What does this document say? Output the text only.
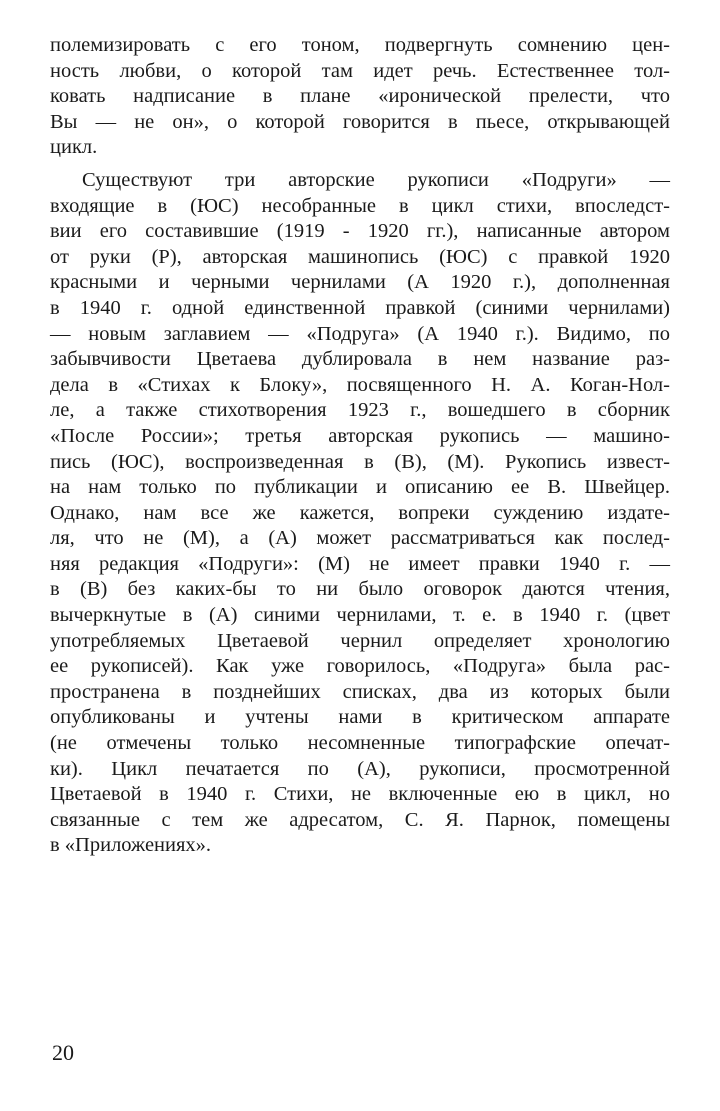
полемизировать с его тоном, подвергнуть сомнению цен-
ность любви, о которой там идет речь. Естественнее тол-
ковать надписание в плане «иронической прелести, что
Вы — не он», о которой говорится в пьесе, открывающей
цикл.
Существуют три авторские рукописи «Подруги» —
входящие в (ЮС) несобранные в цикл стихи, впоследст-
вии его составившие (1919 - 1920 гг.), написанные автором
от руки (Р), авторская машинопись (ЮС) с правкой 1920
красными и черными чернилами (А 1920 г.), дополненная
в 1940 г. одной единственной правкой (синими чернилами)
— новым заглавием — «Подруга» (А 1940 г.). Видимо, по
забывчивости Цветаева дублировала в нем название раз-
дела в «Стихах к Блоку», посвященного Н. А. Коган-Нол-
ле, а также стихотворения 1923 г., вошедшего в сборник
«После России»; третья авторская рукопись — машино-
пись (ЮС), воспроизведенная в (В), (М). Рукопись извест-
на нам только по публикации и описанию ее В. Швейцер.
Однако, нам все же кажется, вопреки суждению издате-
ля, что не (М), а (А) может рассматриваться как послед-
няя редакция «Подруги»: (М) не имеет правки 1940 г. —
в (В) без каких-бы то ни было оговорок даются чтения,
вычеркнутые в (А) синими чернилами, т. е. в 1940 г. (цвет
употребляемых Цветаевой чернил определяет хронологию
ее рукописей). Как уже говорилось, «Подруга» была рас-
пространена в позднейших списках, два из которых были
опубликованы и учтены нами в критическом аппарате
(не отмечены только несомненные типографские опечат-
ки). Цикл печатается по (А), рукописи, просмотренной
Цветаевой в 1940 г. Стихи, не включенные ею в цикл, но
связанные с тем же адресатом, С. Я. Парнок, помещены
в «Приложениях».
20
